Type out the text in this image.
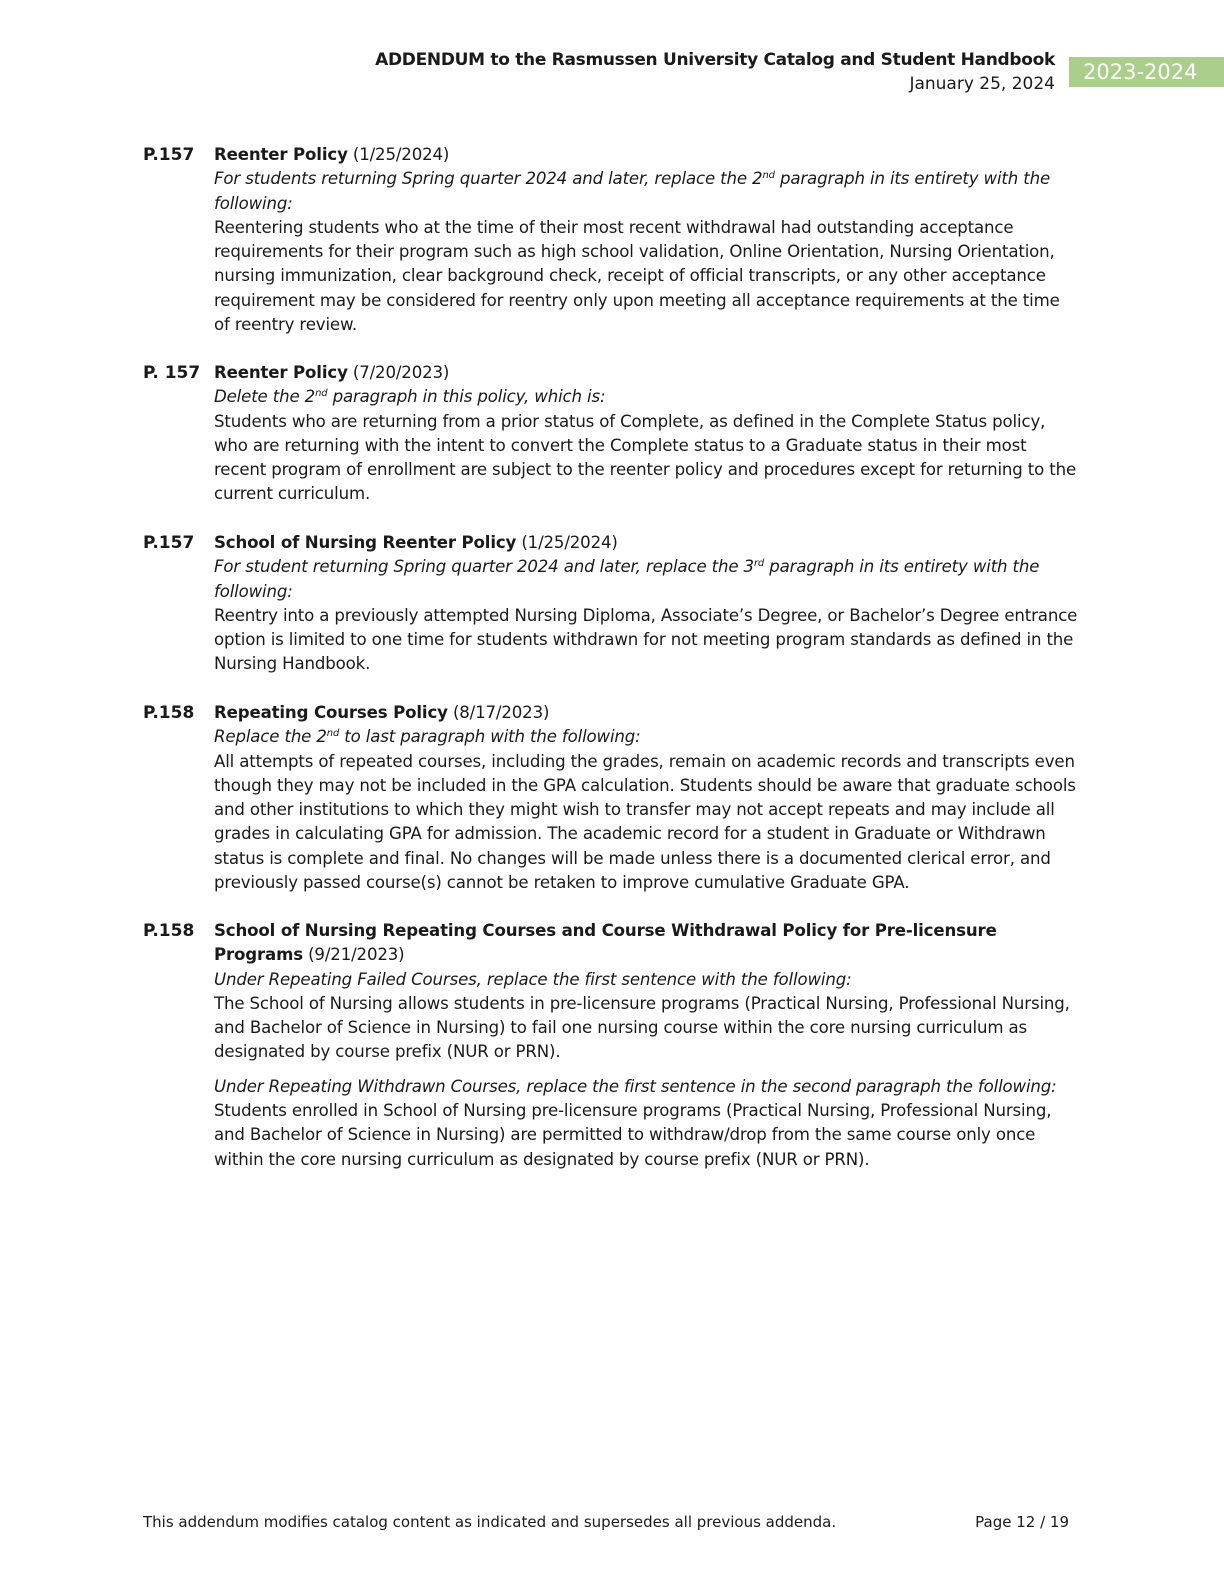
ADDENDUM to the Rasmussen University Catalog and Student Handbook
January 25, 2024	2023-2024
P.157 Reenter Policy (1/25/2024)

For students returning Spring quarter 2024 and later, replace the 2nd paragraph in its entirety with the following:

Reentering students who at the time of their most recent withdrawal had outstanding acceptance requirements for their program such as high school validation, Online Orientation, Nursing Orientation, nursing immunization, clear background check, receipt of official transcripts, or any other acceptance requirement may be considered for reentry only upon meeting all acceptance requirements at the time of reentry review.

P. 157 Reenter Policy (7/20/2023)

Delete the 2nd paragraph in this policy, which is:

Students who are returning from a prior status of Complete, as defined in the Complete Status policy, who are returning with the intent to convert the Complete status to a Graduate status in their most recent program of enrollment are subject to the reenter policy and procedures except for returning to the current curriculum.

P.157 School of Nursing Reenter Policy (1/25/2024)

For student returning Spring quarter 2024 and later, replace the 3rd paragraph in its entirety with the following:

Reentry into a previously attempted Nursing Diploma, Associate’s Degree, or Bachelor’s Degree entrance option is limited to one time for students withdrawn for not meeting program standards as defined in the Nursing Handbook.

P.158 Repeating Courses Policy (8/17/2023)

Replace the 2nd to last paragraph with the following:

All attempts of repeated courses, including the grades, remain on academic records and transcripts even though they may not be included in the GPA calculation. Students should be aware that graduate schools and other institutions to which they might wish to transfer may not accept repeats and may include all grades in calculating GPA for admission. The academic record for a student in Graduate or Withdrawn status is complete and final. No changes will be made unless there is a documented clerical error, and previously passed course(s) cannot be retaken to improve cumulative Graduate GPA.

P.158 School of Nursing Repeating Courses and Course Withdrawal Policy for Pre-licensure Programs (9/21/2023)

Under Repeating Failed Courses, replace the first sentence with the following:

The School of Nursing allows students in pre-licensure programs (Practical Nursing, Professional Nursing, and Bachelor of Science in Nursing) to fail one nursing course within the core nursing curriculum as designated by course prefix (NUR or PRN).

Under Repeating Withdrawn Courses, replace the first sentence in the second paragraph the following:

Students enrolled in School of Nursing pre-licensure programs (Practical Nursing, Professional Nursing, and Bachelor of Science in Nursing) are permitted to withdraw/drop from the same course only once within the core nursing curriculum as designated by course prefix (NUR or PRN).

This addendum modifies catalog content as indicated and supersedes all previous addenda.	Page 12 / 19
